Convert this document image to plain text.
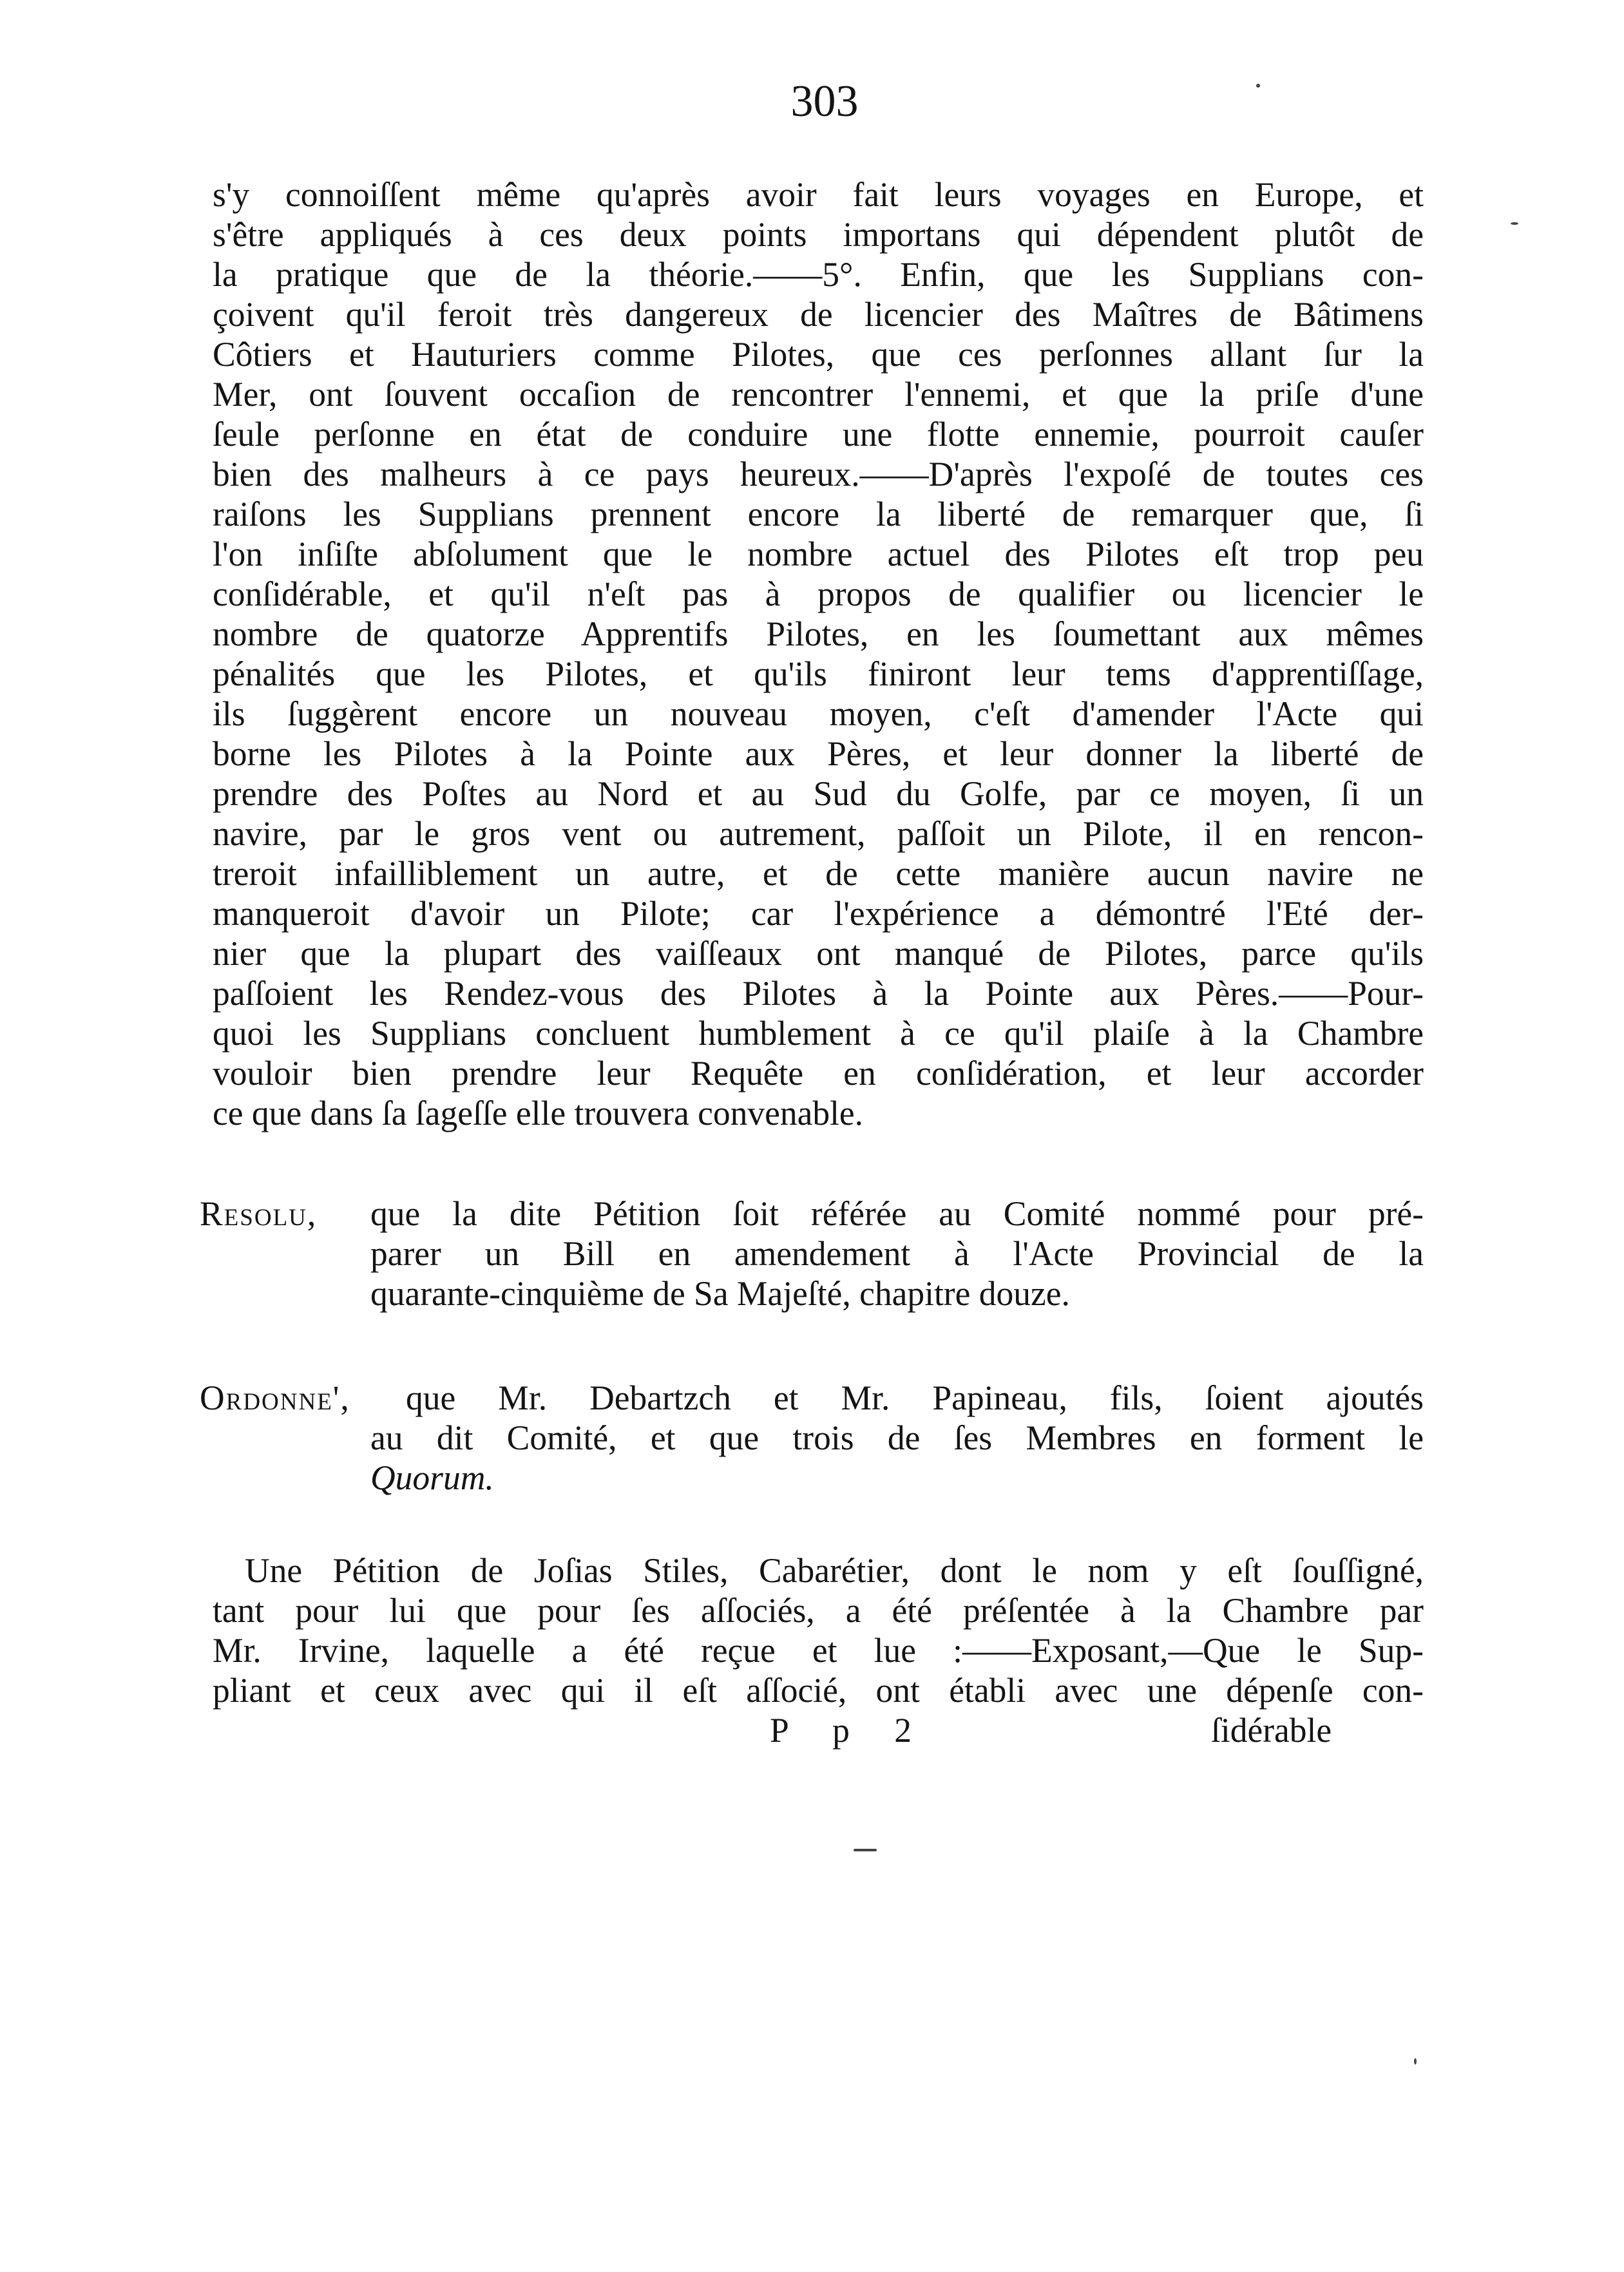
303
s'y connoiſſent même qu'après avoir fait leurs voyages en Europe, et
s'être appliqués à ces deux points importans qui dépendent plutôt de
la pratique que de la théorie.——5°. Enfin, que les Supplians con-
çoivent qu'il feroit très dangereux de licencier des Maîtres de Bâtimens
Côtiers et Hauturiers comme Pilotes, que ces perſonnes allant ſur la
Mer, ont ſouvent occaſion de rencontrer l'ennemi, et que la priſe d'une
ſeule perſonne en état de conduire une flotte ennemie, pourroit cauſer
bien des malheurs à ce pays heureux.——D'après l'expoſé de toutes ces
raiſons les Supplians prennent encore la liberté de remarquer que, ſi
l'on inſiſte abſolument que le nombre actuel des Pilotes eſt trop peu
conſidérable, et qu'il n'eſt pas à propos de qualifier ou licencier le
nombre de quatorze Apprentifs Pilotes, en les ſoumettant aux mêmes
pénalités que les Pilotes, et qu'ils finiront leur tems d'apprentiſſage,
ils ſuggèrent encore un nouveau moyen, c'eſt d'amender l'Acte qui
borne les Pilotes à la Pointe aux Pères, et leur donner la liberté de
prendre des Poſtes au Nord et au Sud du Golfe, par ce moyen, ſi un
navire, par le gros vent ou autrement, paſſoit un Pilote, il en rencon-
treroit infailliblement un autre, et de cette manière aucun navire ne
manqueroit d'avoir un Pilote; car l'expérience a démontré l'Eté der-
nier que la plupart des vaiſſeaux ont manqué de Pilotes, parce qu'ils
paſſoient les Rendez-vous des Pilotes à la Pointe aux Pères.——Pour-
quoi les Supplians concluent humblement à ce qu'il plaiſe à la Chambre
vouloir bien prendre leur Requête en conſidération, et leur accorder
ce que dans ſa ſageſſe elle trouvera convenable.
Resolu,	que la dite Pétition ſoit référée au Comité nommé pour pré-
parer un Bill en amendement à l'Acte Provincial de la
quarante-cinquième de Sa Majeſté, chapitre douze.
Ordonne',	que Mr. Debartzch et Mr. Papineau, fils, ſoient ajoutés
au dit Comité, et que trois de ſes Membres en forment le
Quorum.
Une Pétition de Joſias Stiles, Cabarétier, dont le nom y eſt ſouſſigné,
tant pour lui que pour ſes aſſociés, a été préſentée à la Chambre par
Mr. Irvine, laquelle a été reçue et lue :——Exposant,—Que le Sup-
pliant et ceux avec qui il eſt aſſocié, ont établi avec une dépenſe con-
P p 2	ſidérable
